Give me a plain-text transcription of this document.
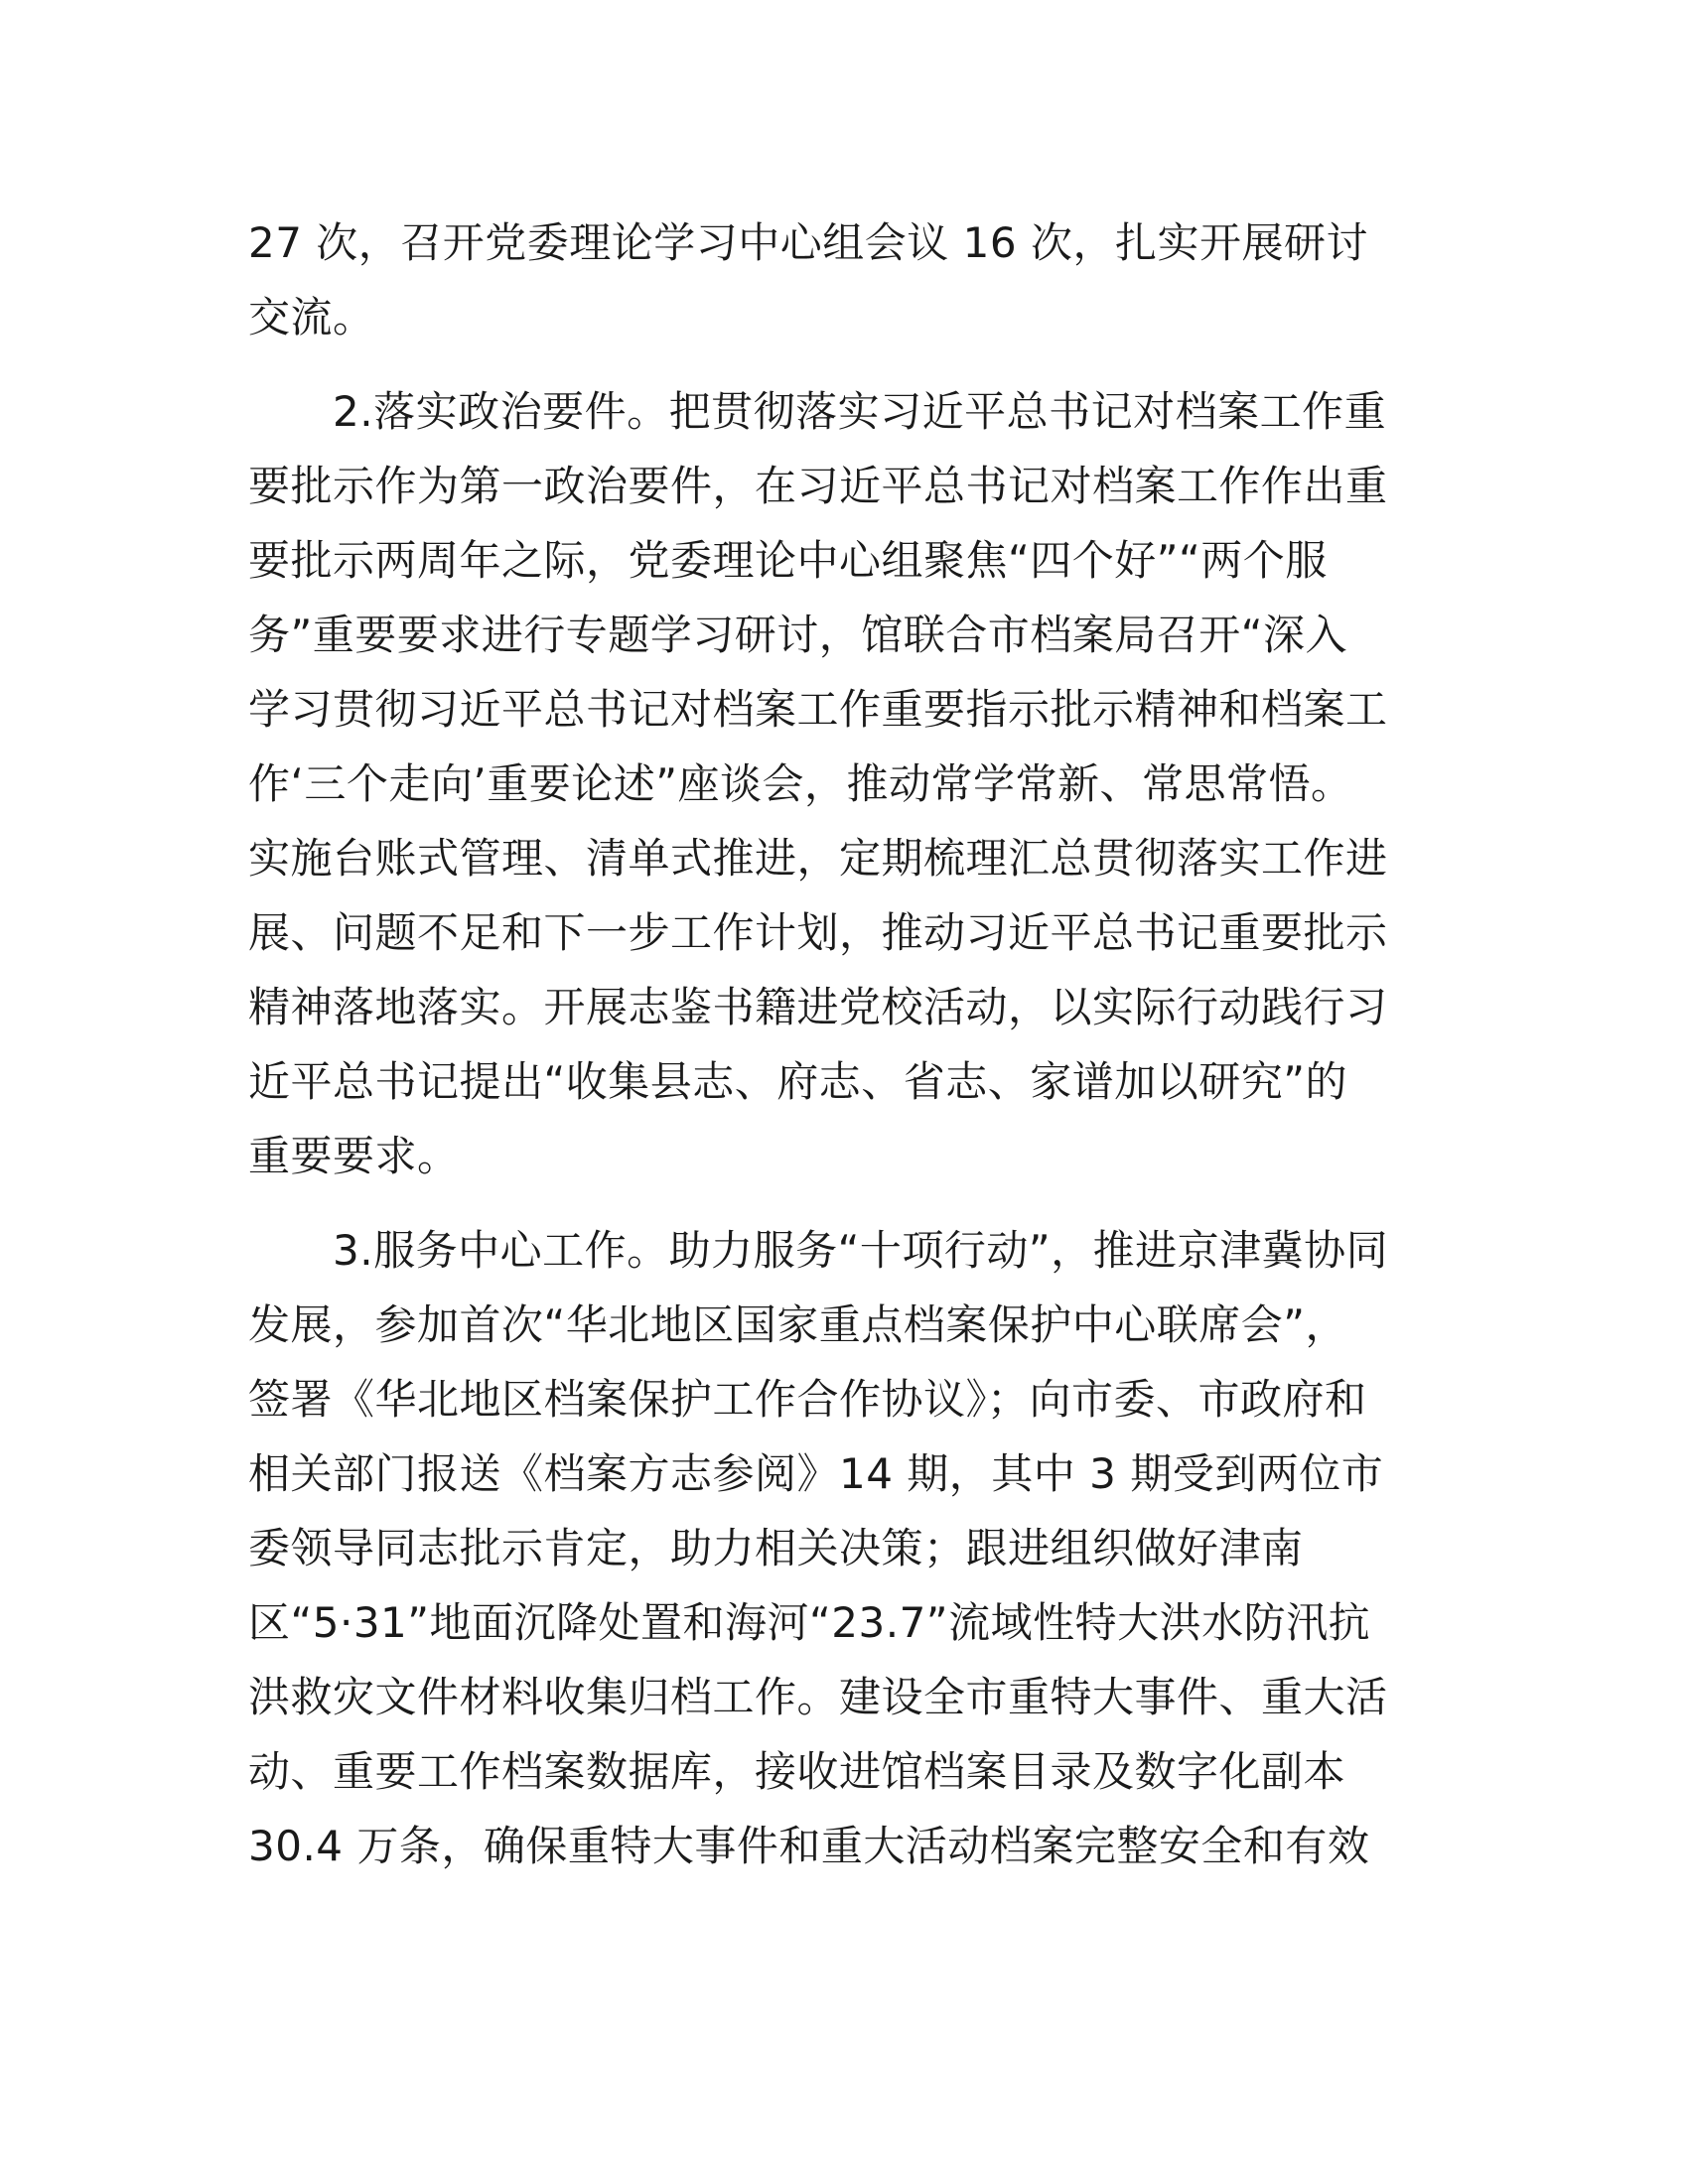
27 次，召开党委理论学习中心组会议 16 次，扎实开展研讨
交流。
2.落实政治要件。把贯彻落实习近平总书记对档案工作重
要批示作为第一政治要件，在习近平总书记对档案工作作出重
要批示两周年之际，党委理论中心组聚焦“四个好”“两个服
务”重要要求进行专题学习研讨，馆联合市档案局召开“深入
学习贯彻习近平总书记对档案工作重要指示批示精神和档案工
作‘三个走向’重要论述”座谈会，推动常学常新、常思常悟。
实施台账式管理、清单式推进，定期梳理汇总贯彻落实工作进
展、问题不足和下一步工作计划，推动习近平总书记重要批示
精神落地落实。开展志鉴书籍进党校活动，以实际行动践行习
近平总书记提出“收集县志、府志、省志、家谱加以研究”的
重要要求。
3.服务中心工作。助力服务“十项行动”，推进京津冀协同
发展，参加首次“华北地区国家重点档案保护中心联席会”，
签署《华北地区档案保护工作合作协议》；向市委、市政府和
相关部门报送《档案方志参阅》14 期，其中 3 期受到两位市
委领导同志批示肯定，助力相关决策；跟进组织做好津南
区“5·31”地面沉降处置和海河“23.7”流域性特大洪水防汛抗
洪救灾文件材料收集归档工作。建设全市重特大事件、重大活
动、重要工作档案数据库，接收进馆档案目录及数字化副本
30.4 万条，确保重特大事件和重大活动档案完整安全和有效
